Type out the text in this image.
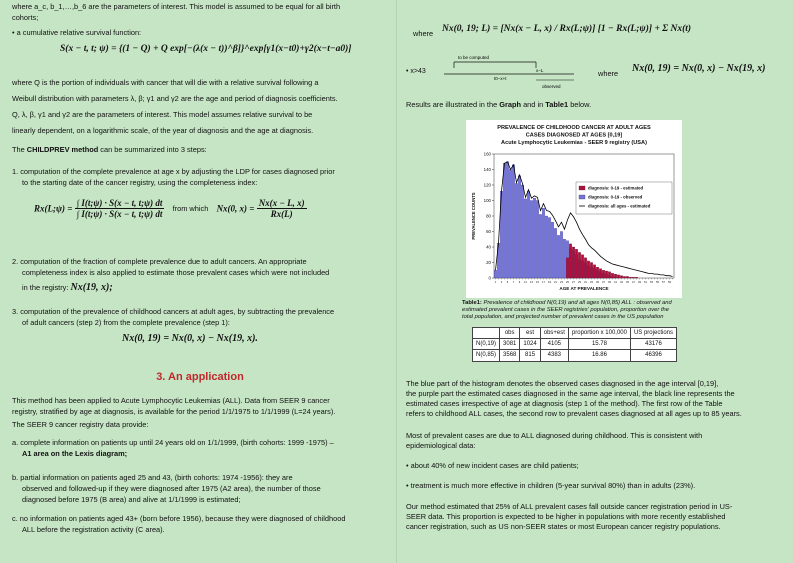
where a_c, b_1,…,b_6 are the parameters of interest. This model is assumed to be equal for all birth

cohorts;

• a cumulative relative survival function:

S(x − t, t; ψ) = {(1 − Q) + Q exp[−(λ(x − t))^β]}^exp[γ1(x−t0)+γ2(x−t−a0)]

where Q is the portion of individuals with cancer that will die with a relative survival following a

Weibull distribution with parameters λ, β; γ1 and γ2 are the age and period of diagnosis coefficients.

Q, λ, β, γ1 and γ2 are the parameters of interest. This model assumes relative survival to be

linearly dependent, on a logarithmic scale, of the year of diagnosis and the age at diagnosis.

The CHILDPREV method can be summarized into 3 steps:

1. computation of the complete prevalence at age x by adjusting the LDP for cases diagnosed prior

to the starting date of the cancer registry, using the completeness index:

Rx(L;ψ) = $\frac{\int I(t;\psi) \cdot S(x - t, t;\psi) dt}{\int I(t;\psi) \cdot S(x - t, t;\psi) dt}$ from which Nx(0, $x) = \frac{Nx(x - L, x)}{Rx(L)}$

2. computation of the fraction of complete prevalence due to adult cancers. An appropriate

completeness index is also applied to estimate those prevalent cases which were not included

in the registry: Nx(19, x);

3. computation of the prevalence of childhood cancers at adult ages, by subtracting the prevalence

of adult cancers (step 2) from the complete prevalence (step 1):

Nx(0, 19) = Nx(0, x) − Nx(19, x).

3. An application

This method has been applied to Acute Lymphocytic Leukemias (ALL). Data from SEER 9 cancer

registry, stratified by age at diagnosis, is available for the period 1/1/1975 to 1/1/1999 (L=24 years).

The SEER 9 cancer registry data provide:

a. complete information on patients up until 24 years old on 1/1/1999, (birth cohorts: 1999 -1975) –

A1 area on the Lexis diagram;

b. partial information on patients aged 25 and 43, (birth cohorts: 1974 -1956): they are

observed and followed-up if they were diagnosed after 1975 (A2 area), the number of those

diagnosed before 1975 (B area) and alive at 1/1/1999 is estimated;

c. no information on patients aged 43+ (born before 1956), because they were diagnosed of childhood

ALL before the registration activity (C area).

where Nx(0, 19; L) = [Nx(x − L, x) / Rx(L;ψ)] [1 − Rx(L;ψ)] + Σ Nx(t)

to be computed
t0−x+t
x−L
observed

• x>43	where Nx(0, 19) = Nx(0, x) − Nx(19, x)

Results are illustrated in the Graph and in Table1 below.

Table1: Prevalence of childhood N(0,19) and all ages N(0,85) ALL : observed and
estimated prevalent cases in the SEER registries' population, proportion over the
total population, and projected number of prevalent cases in the US population
	obs	est	obs+est	proportion x 100,000	US projections
N(0,19)	3081	1024	4105	15.78	43176
N(0,85)	3568	815	4383	16.86	46396

The blue part of the histogram denotes the observed cases diagnosed in the age interval [0,19],

the purple part the estimated cases diagnosed in the same age interval, the black line represents the

estimated cases irrespective of age at diagnosis (step 1 of the method). The first row of the Table

refers to childhood ALL cases, the second row to prevalent cases diagnosed at all ages up to 85 years.

Most of prevalent cases are due to ALL diagnosed during childhood. This is consistent with

epidemiological data:

• about 40% of new incident cases are child patients;

• treatment is much more effective in children (5-year survival 80%) than in adults (23%).

Our method estimated that 25% of ALL prevalent cases fall outside cancer registration period in US-

SEER data. This proportion is expected to be higher in populations with more recently established

cancer registration, such as US non-SEER states or most European cancer registry populations.

PREVALENCE OF CHILDHOOD CANCER AT ADULT AGES
CASES DIAGNOSED AT AGES [0,19]
Acute Lymphocytic Leukemias - SEER 9 registry (USA)
0
20
40
60
80
100
120
140
160
1 3 5 7 9 11 13 15 17 19 21 23 25 27 29 31 33 35 37 39 41 43 45 47 49 51 53 55 57 59
AGE AT PREVALENCE
PREVALENCE COUNTS
diagnosis: 0-19 - estimated
diagnosis: 0-19 - observed
diagnosis: all ages - estimated
